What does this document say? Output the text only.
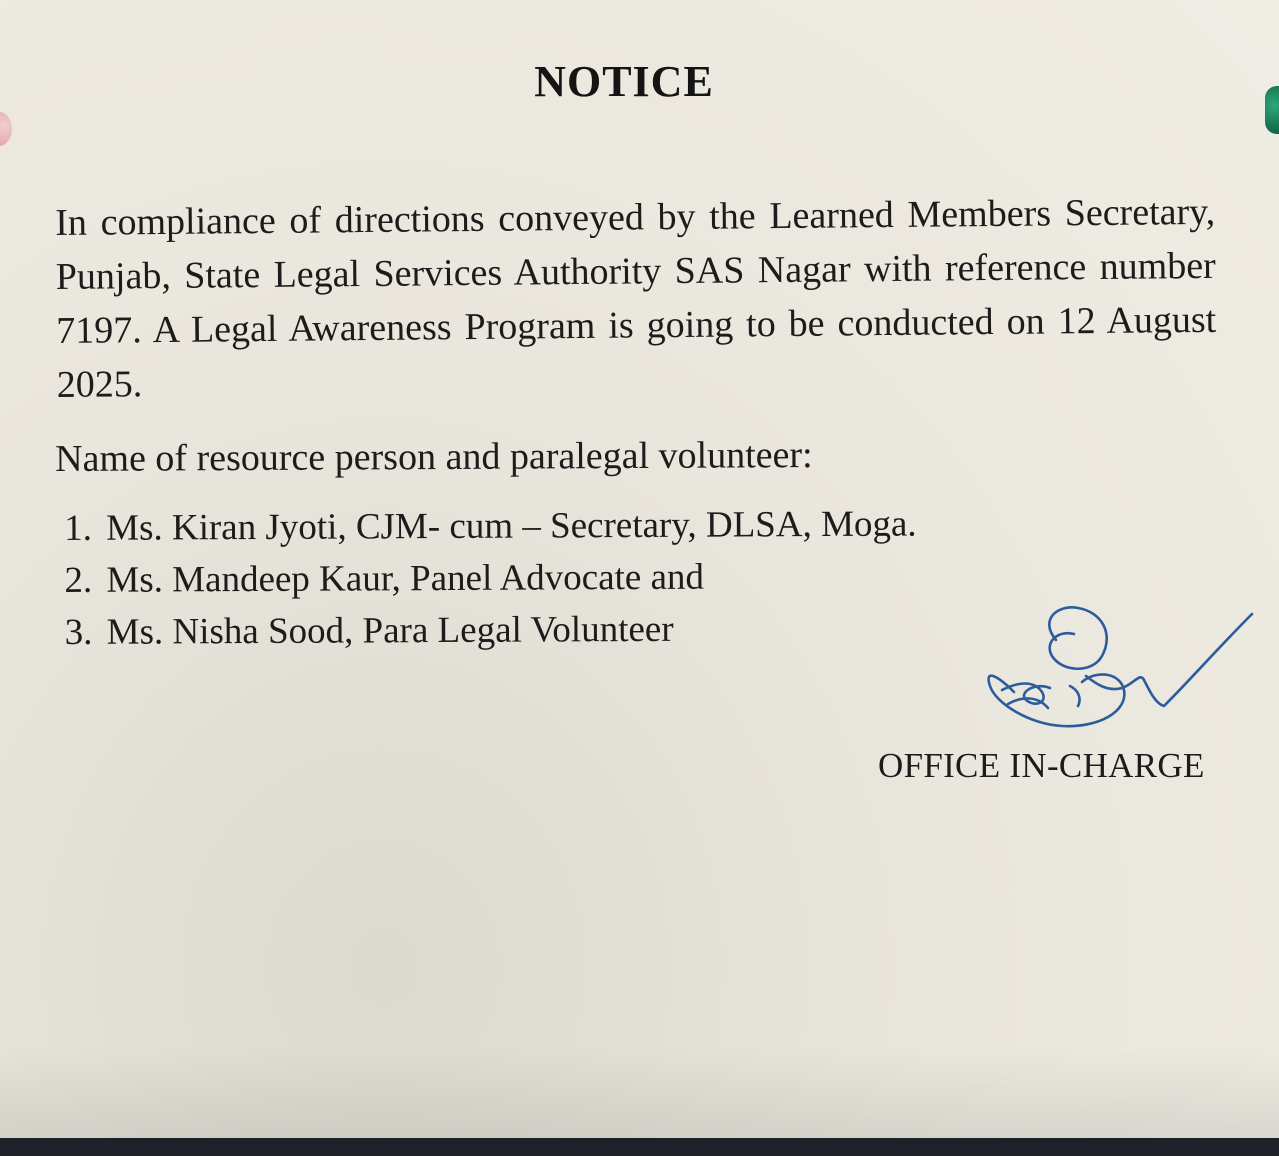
NOTICE
In compliance of directions conveyed by the Learned Members Secretary, Punjab, State Legal Services Authority SAS Nagar with reference number 7197. A Legal Awareness Program is going to be conducted on 12 August 2025.
Name of resource person and paralegal volunteer:
1. Ms. Kiran Jyoti, CJM- cum – Secretary, DLSA, Moga.
2. Ms. Mandeep Kaur, Panel Advocate and
3. Ms. Nisha Sood, Para Legal Volunteer
OFFICE IN-CHARGE
